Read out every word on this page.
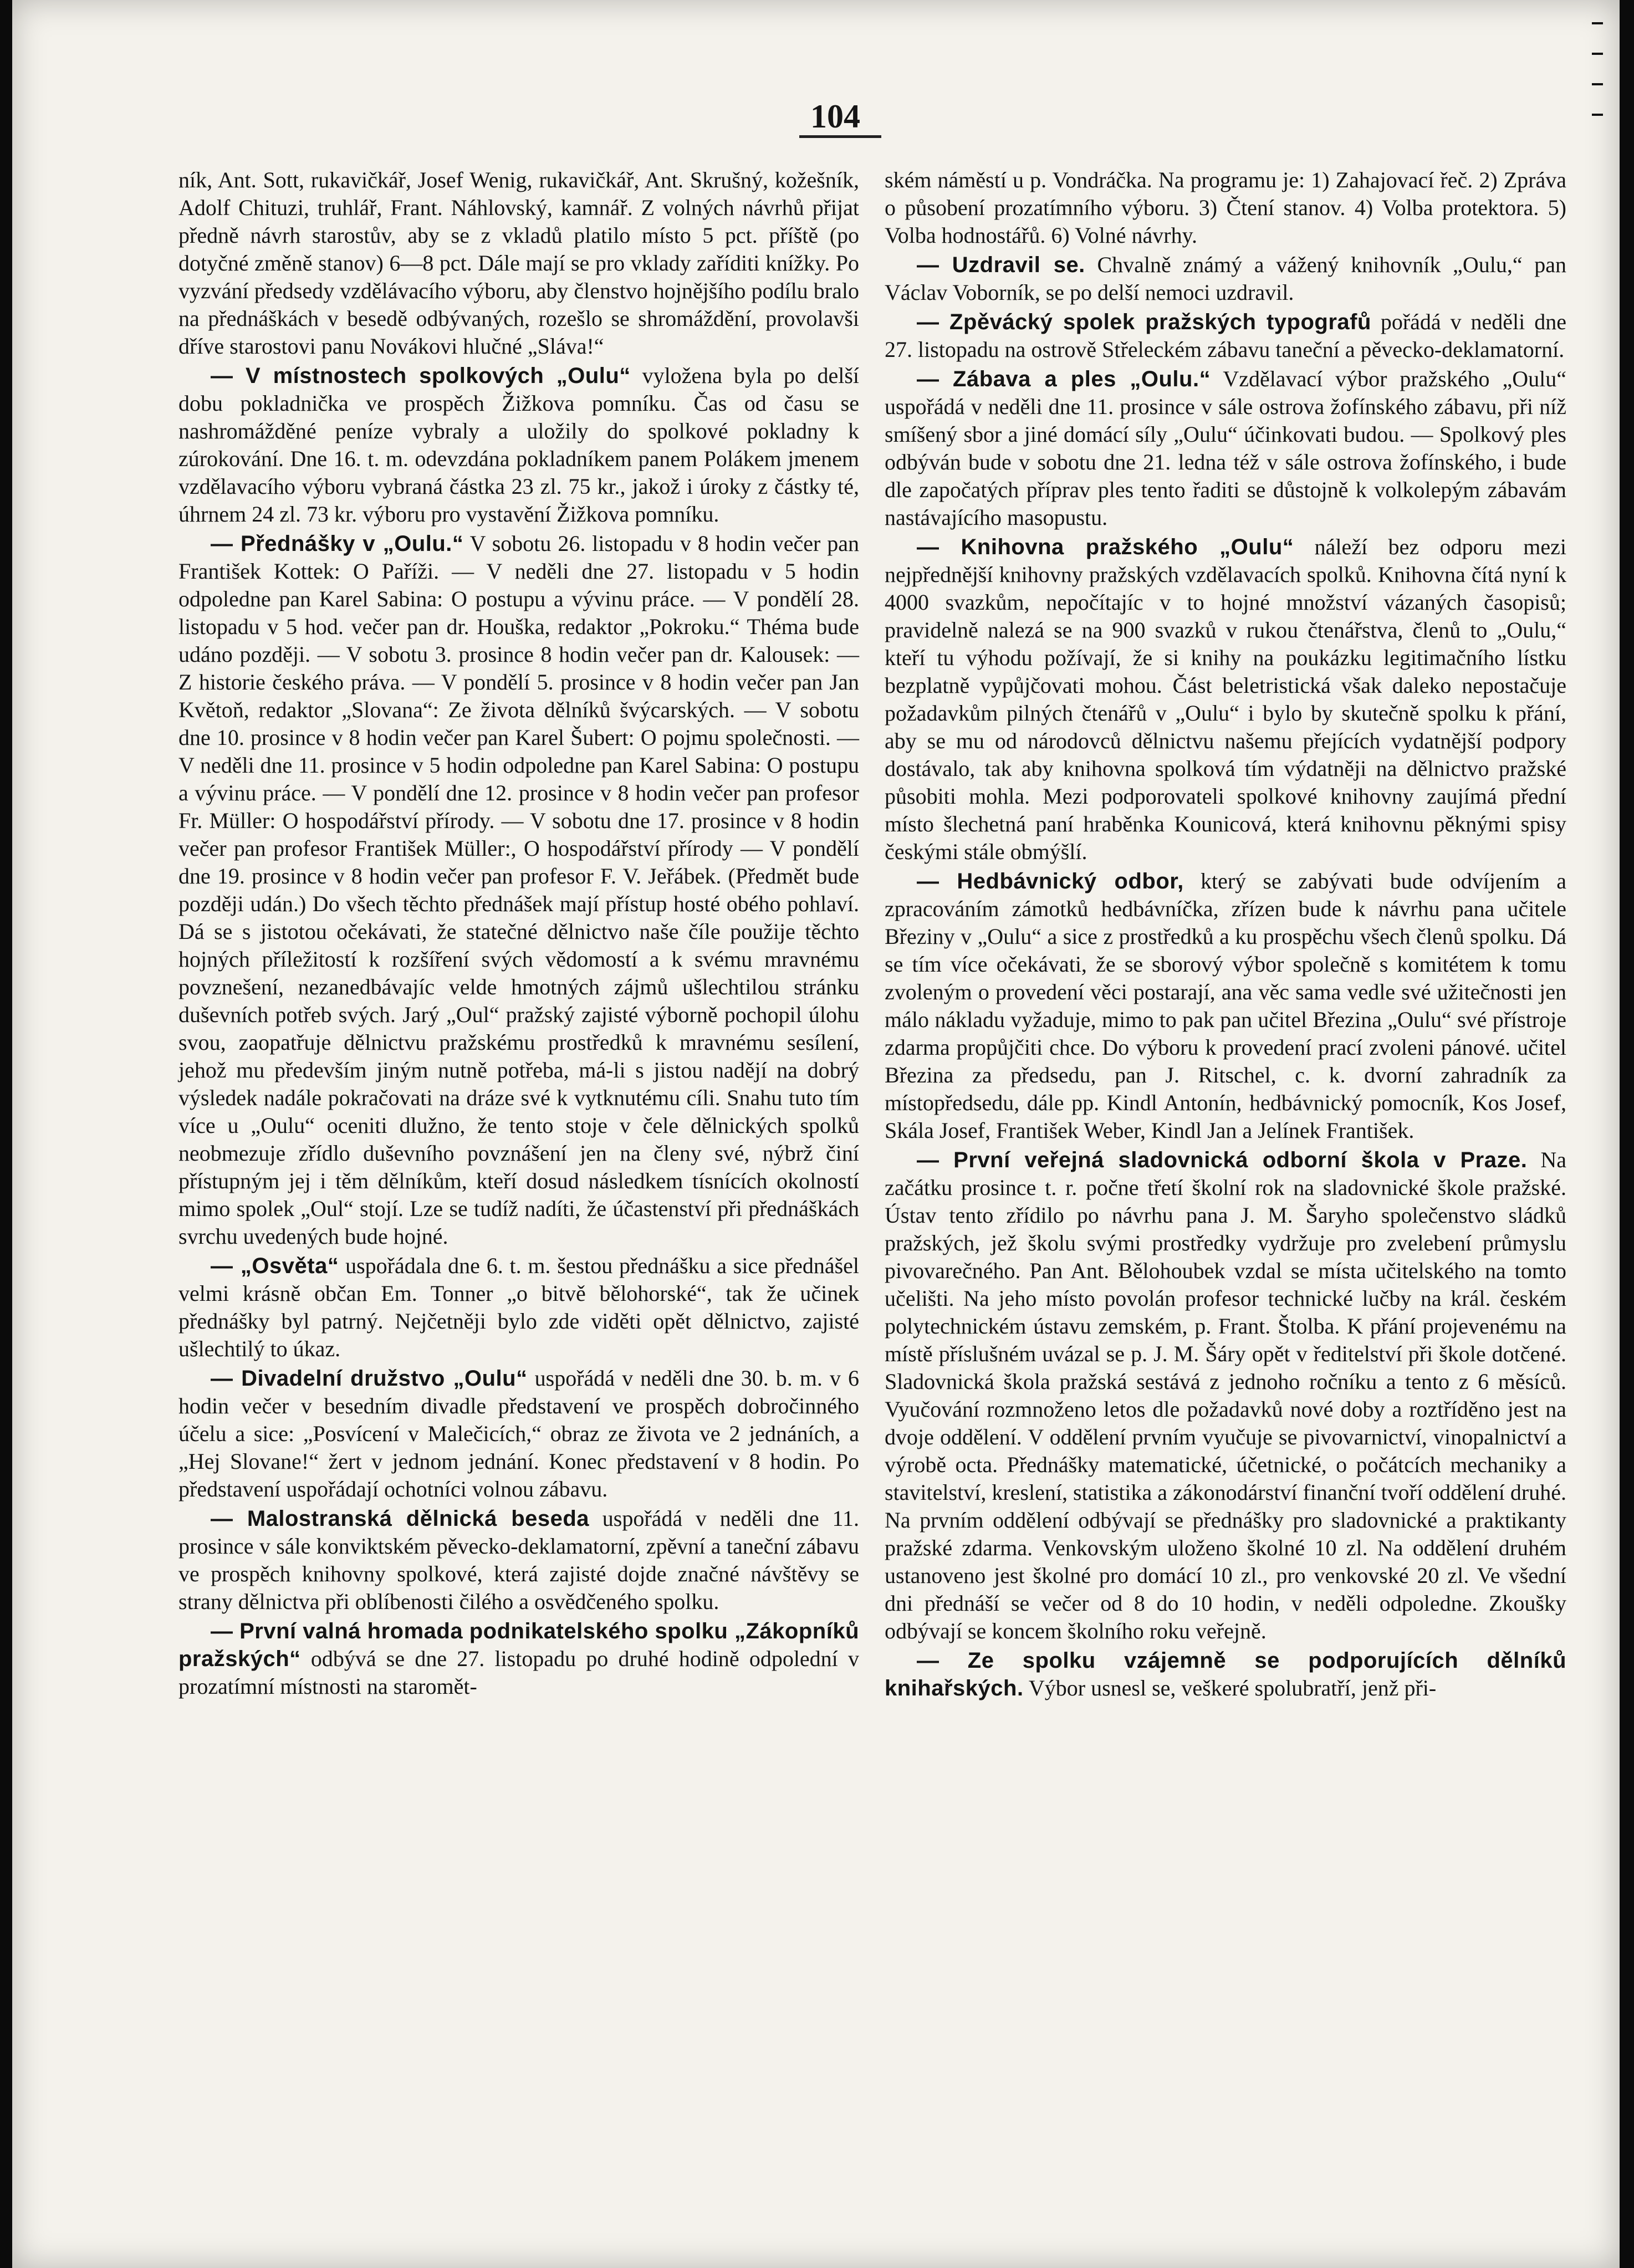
104

ník, Ant. Sott, rukavičkář, Josef Wenig, rukavičkář, Ant. Skrušný, kožešník, Adolf Chituzi, truhlář, Frant. Náhlovský, kamnář. Z volných návrhů přijat předně návrh starostův, aby se z vkladů platilo místo 5 pct. příště (po dotyčné změně stanov) 6—8 pct. Dále mají se pro vklady zaříditi knížky. Po vyzvání předsedy vzdělávacího výboru, aby členstvo hojnějšího podílu bralo na přednáškách v besedě odbývaných, rozešlo se shromáždění, provolavši dříve starostovi panu Novákovi hlučné „Sláva!“

— V místnostech spolkových „Oulu“ vyložena byla po delší dobu pokladnička ve prospěch Žižkova pomníku. Čas od času se nashromážděné peníze vybraly a uložily do spolkové pokladny k zúrokování. Dne 16. t. m. odevzdána pokladníkem panem Polákem jmenem vzdělavacího výboru vybraná částka 23 zl. 75 kr., jakož i úroky z částky té, úhrnem 24 zl. 73 kr. výboru pro vystavění Žižkova pomníku.

— Přednášky v „Oulu.“ V sobotu 26. listopadu v 8 hodin večer pan František Kottek: O Paříži. — V neděli dne 27. listopadu v 5 hodin odpoledne pan Karel Sabina: O postupu a vývinu práce. — V pondělí 28. listopadu v 5 hod. večer pan dr. Houška, redaktor „Pokroku.“ Théma bude udáno později. — V sobotu 3. prosince 8 hodin večer pan dr. Kalousek: — Z historie českého práva. — V pondělí 5. prosince v 8 hodin večer pan Jan Květoň, redaktor „Slovana“: Ze života dělníků švýcarských. — V sobotu dne 10. prosince v 8 hodin večer pan Karel Šubert: O pojmu společnosti. — V neděli dne 11. prosince v 5 hodin odpoledne pan Karel Sabina: O postupu a vývinu práce. — V pondělí dne 12. prosince v 8 hodin večer pan profesor Fr. Müller: O hospodářství přírody. — V sobotu dne 17. prosince v 8 hodin večer pan profesor František Müller:, O hospodářství přírody — V pondělí dne 19. prosince v 8 hodin večer pan profesor F. V. Jeřábek. (Předmět bude později udán.) Do všech těchto přednášek mají přístup hosté obého pohlaví. Dá se s jistotou očekávati, že statečné dělnictvo naše číle použije těchto hojných příležitostí k rozšíření svých vědomostí a k svému mravnému povznešení, nezanedbávajíc velde hmotných zájmů ušlechtilou stránku duševních potřeb svých. Jarý „Oul“ pražský zajisté výborně pochopil úlohu svou, zaopatřuje dělnictvu pražskému prostředků k mravnému sesílení, jehož mu především jiným nutně potřeba, má-li s jistou nadějí na dobrý výsledek nadále pokračovati na dráze své k vytknutému cíli. Snahu tuto tím více u „Oulu“ oceniti dlužno, že tento stoje v čele dělnických spolků neobmezuje zřídlo duševního povznášení jen na členy své, nýbrž činí přístupným jej i těm dělníkům, kteří dosud následkem tísnících okolností mimo spolek „Oul“ stojí. Lze se tudíž nadíti, že účastenství při přednáškách svrchu uvedených bude hojné.

— „Osvěta“ uspořádala dne 6. t. m. šestou přednášku a sice přednášel velmi krásně občan Em. Tonner „o bitvě bělohorské“, tak že učinek přednášky byl patrný. Nejčetněji bylo zde viděti opět dělnictvo, zajisté ušlechtilý to úkaz.

— Divadelní družstvo „Oulu“ uspořádá v neděli dne 30. b. m. v 6 hodin večer v besedním divadle představení ve prospěch dobročinného účelu a sice: „Posvícení v Malečicích,“ obraz ze života ve 2 jednáních, a „Hej Slovane!“ žert v jednom jednání. Konec představení v 8 hodin. Po představení uspořádají ochotníci volnou zábavu.

— Malostranská dělnická beseda uspořádá v neděli dne 11. prosince v sále konviktském pěvecko-deklamatorní, zpěvní a taneční zábavu ve prospěch knihovny spolkové, která zajisté dojde značné návštěvy se strany dělnictva při oblíbenosti čilého a osvědčeného spolku.

— První valná hromada podnikatelského spolku „Zákopníků pražských“ odbývá se dne 27. listopadu po druhé hodině odpolední v prozatímní místnosti na staromět-

ském náměstí u p. Vondráčka. Na programu je: 1) Zahajovací řeč. 2) Zpráva o působení prozatímního výboru. 3) Čtení stanov. 4) Volba protektora. 5) Volba hodnostářů. 6) Volné návrhy.

— Uzdravil se. Chvalně známý a vážený knihovník „Oulu,“ pan Václav Voborník, se po delší nemoci uzdravil.

— Zpěvácký spolek pražských typografů pořádá v neděli dne 27. listopadu na ostrově Střeleckém zábavu taneční a pěvecko-deklamatorní.

— Zábava a ples „Oulu.“ Vzdělavací výbor pražského „Oulu“ uspořádá v neděli dne 11. prosince v sále ostrova žofínského zábavu, při níž smíšený sbor a jiné domácí síly „Oulu“ účinkovati budou. — Spolkový ples odbýván bude v sobotu dne 21. ledna též v sále ostrova žofínského, i bude dle započatých příprav ples tento řaditi se důstojně k volkolepým zábavám nastávajícího masopustu.

— Knihovna pražského „Oulu“ náleží bez odporu mezi nejpřednější knihovny pražských vzdělavacích spolků. Knihovna čítá nyní k 4000 svazkům, nepočítajíc v to hojné množství vázaných časopisů; pravidelně nalezá se na 900 svazků v rukou čtenářstva, členů to „Oulu,“ kteří tu výhodu požívají, že si knihy na poukázku legitimačního lístku bezplatně vypůjčovati mohou. Část beletristická však daleko nepostačuje požadavkům pilných čtenářů v „Oulu“ i bylo by skutečně spolku k přání, aby se mu od národovců dělnictvu našemu přejících vydatnější podpory dostávalo, tak aby knihovna spolková tím výdatněji na dělnictvo pražské působiti mohla. Mezi podporovateli spolkové knihovny zaujímá přední místo šlechetná paní hraběnka Kounicová, která knihovnu pěknými spisy českými stále obmýšlí.

— Hedbávnický odbor, který se zabývati bude odvíjením a zpracováním zámotků hedbávníčka, zřízen bude k návrhu pana učitele Březiny v „Oulu“ a sice z prostředků a ku prospěchu všech členů spolku. Dá se tím více očekávati, že se sborový výbor společně s komitétem k tomu zvoleným o provedení věci postarají, ana věc sama vedle své užitečnosti jen málo nákladu vyžaduje, mimo to pak pan učitel Březina „Oulu“ své přístroje zdarma propůjčiti chce. Do výboru k provedení prací zvoleni pánové. učitel Březina za předsedu, pan J. Ritschel, c. k. dvorní zahradník za místopředsedu, dále pp. Kindl Antonín, hedbávnický pomocník, Kos Josef, Skála Josef, František Weber, Kindl Jan a Jelínek František.

— První veřejná sladovnická odborní škola v Praze. Na začátku prosince t. r. počne třetí školní rok na sladovnické škole pražské. Ústav tento zřídilo po návrhu pana J. M. Šaryho společenstvo sládků pražských, jež školu svými prostředky vydržuje pro zvelebení průmyslu pivovarečného. Pan Ant. Bělohoubek vzdal se místa učitelského na tomto učelišti. Na jeho místo povolán profesor technické lučby na král. českém polytechnickém ústavu zemském, p. Frant. Štolba. K přání projevenému na místě příslušném uvázal se p. J. M. Šáry opět v ředitelství při škole dotčené. Sladovnická škola pražská sestává z jednoho ročníku a tento z 6 měsíců. Vyučování rozmnoženo letos dle požadavků nové doby a roztříděno jest na dvoje oddělení. V oddělení prvním vyučuje se pivovarnictví, vinopalnictví a výrobě octa. Přednášky matematické, účetnické, o počátcích mechaniky a stavitelství, kreslení, statistika a zákonodárství finanční tvoří oddělení druhé. Na prvním oddělení odbývají se přednášky pro sladovnické a praktikanty pražské zdarma. Venkovským uloženo školné 10 zl. Na oddělení druhém ustanoveno jest školné pro domácí 10 zl., pro venkovské 20 zl. Ve všední dni přednáší se večer od 8 do 10 hodin, v neděli odpoledne. Zkoušky odbývají se koncem školního roku veřejně.

— Ze spolku vzájemně se podporujících dělníků knihařských. Výbor usnesl se, veškeré spolubratří, jenž při-
